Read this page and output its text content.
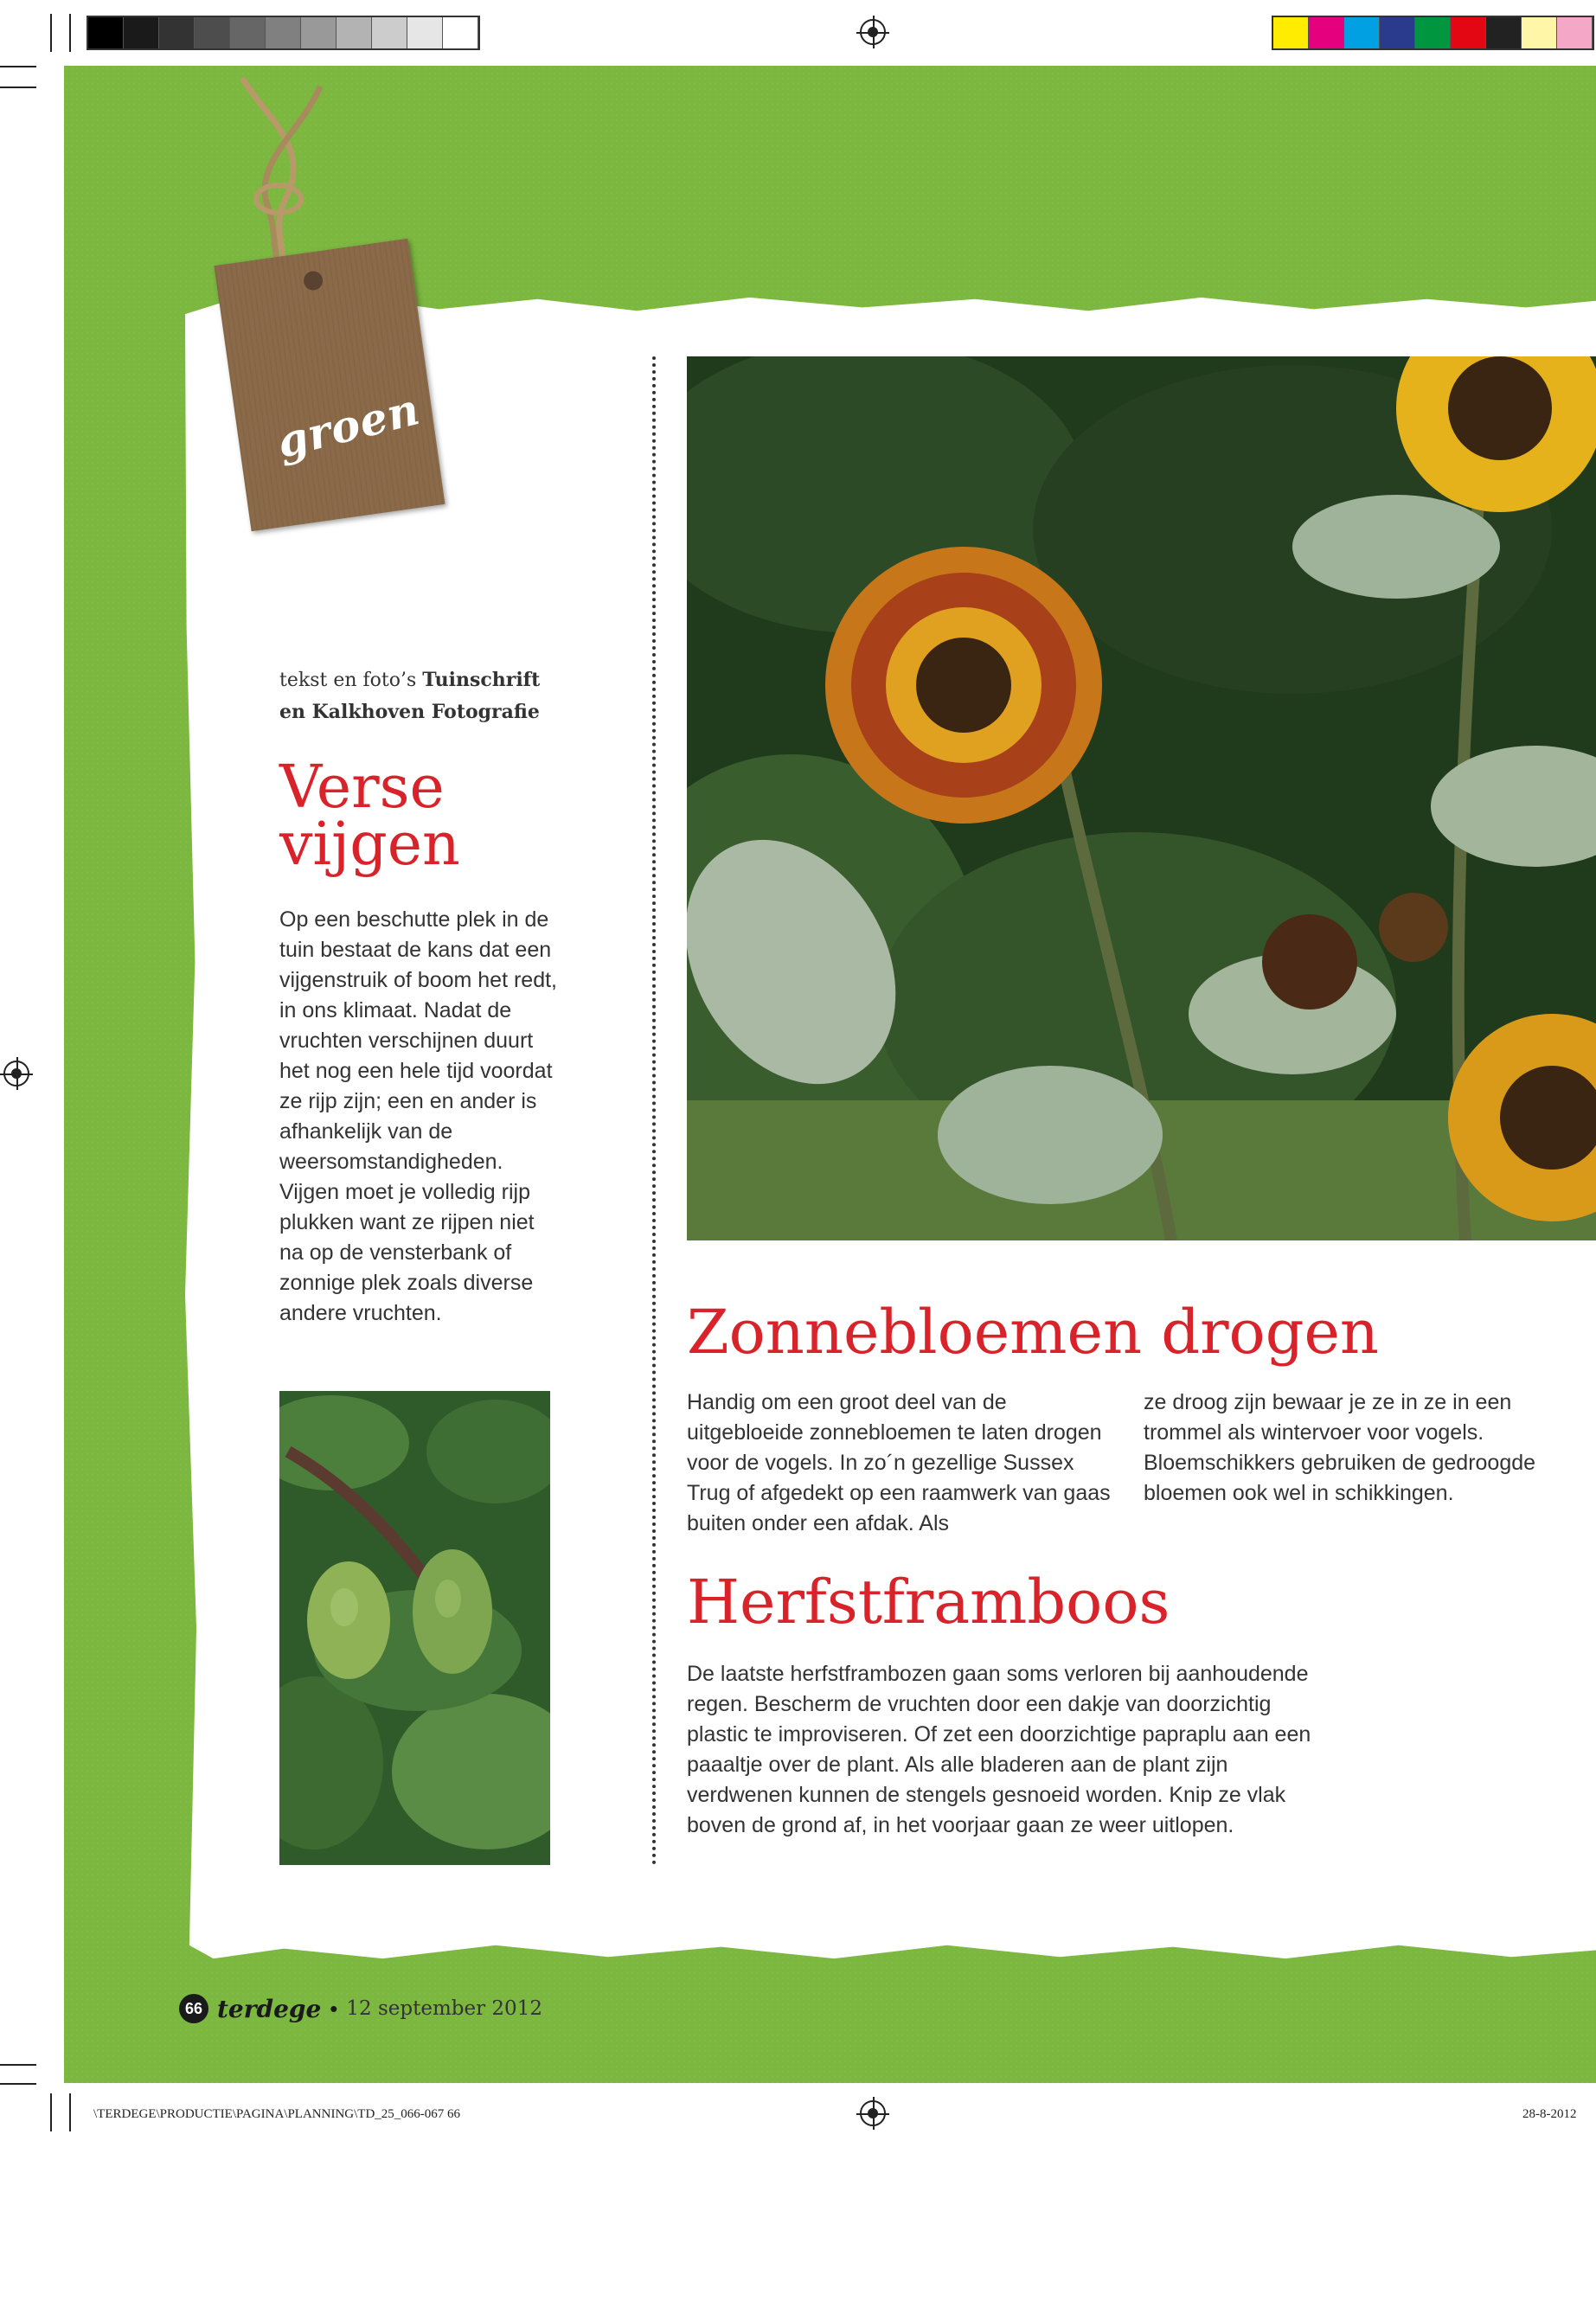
groen
tekst en foto’s Tuinschrift en Kalkhoven Fotografie
Verse vijgen

Op een beschutte plek in de tuin bestaat de kans dat een vijgenstruik of boom het redt, in ons klimaat. Nadat de vruchten verschijnen duurt het nog een hele tijd voordat ze rijp zijn; een en ander is afhankelijk van de weersomstandigheden. Vijgen moet je volledig rijp plukken want ze rijpen niet na op de vensterbank of zonnige plek zoals diverse andere vruchten.	Zonnebloemen drogen

Handig om een groot deel van de uitgebloeide zonnebloemen te laten drogen voor de vogels. In zo´n gezellige Sussex Trug of afgedekt op een raamwerk van gaas buiten onder een afdak. Als

ze droog zijn bewaar je ze in ze in een trommel als wintervoer voor vogels. Bloemschikkers gebruiken de gedroogde bloemen ook wel in schikkingen.

Herfstframboos

De laatste herfstframbozen gaan soms verloren bij aanhoudende regen. Bescherm de vruchten door een dakje van doorzichtig plastic te improviseren. Of zet een doorzichtige papraplu aan een paaaltje over de plant. Als alle bladeren aan de plant zijn verdwenen kunnen de stengels gesnoeid worden. Knip ze vlak boven de grond af, in het voorjaar gaan ze weer uitlopen.

66 terdege • 12 september 2012
\TERDEGE\PRODUCTIE\PAGINA\PLANNING\TD_25_066-067 66	28-8-2012
